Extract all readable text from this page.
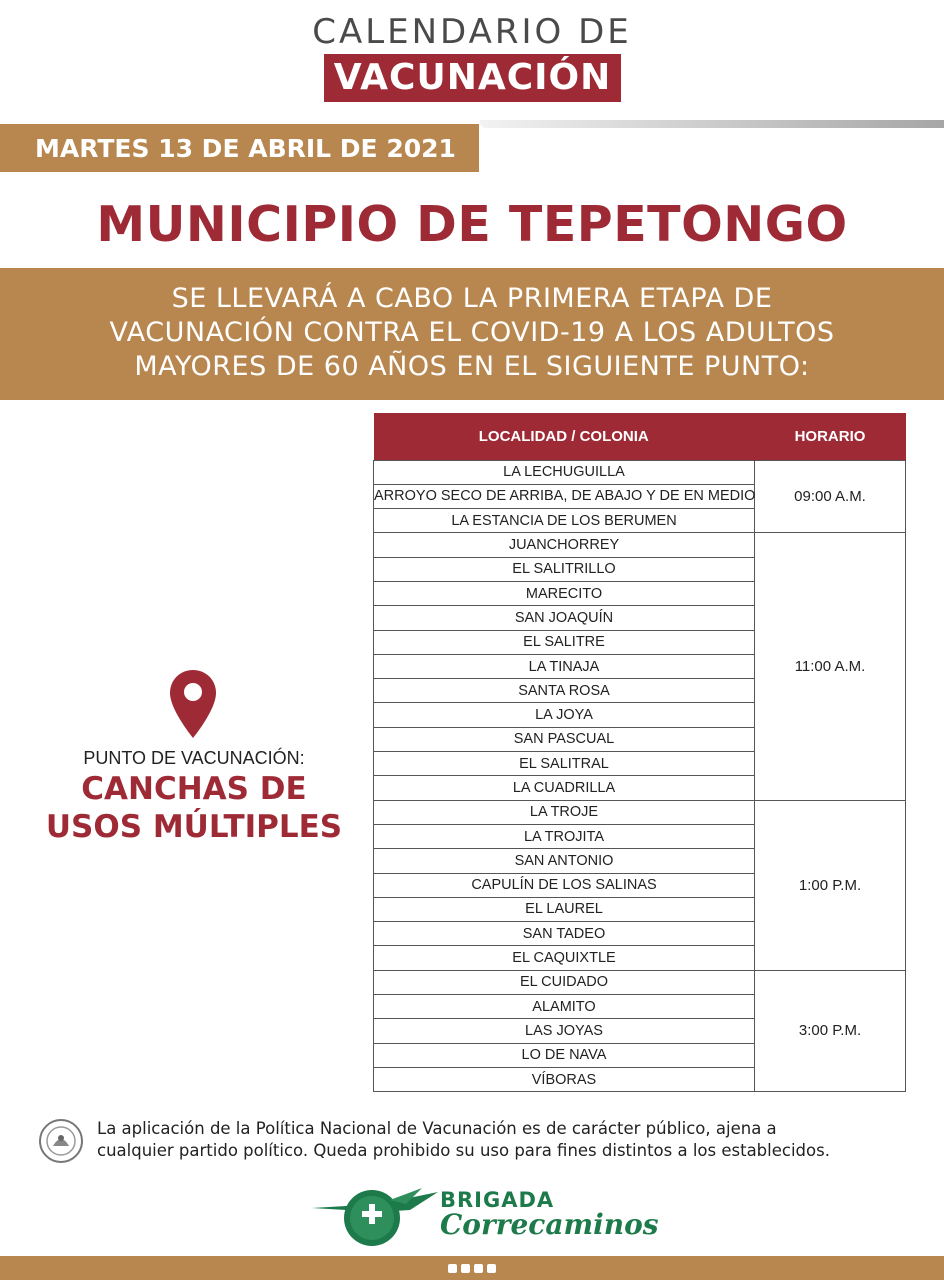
CALENDARIO DE
VACUNACIÓN
MARTES 13 DE ABRIL DE 2021
MUNICIPIO DE TEPETONGO
SE LLEVARÁ A CABO LA PRIMERA ETAPA DE
VACUNACIÓN CONTRA EL COVID-19 A LOS ADULTOS
MAYORES DE 60 AÑOS EN EL SIGUIENTE PUNTO:
PUNTO DE VACUNACIÓN:
CANCHAS DE
USOS MÚLTIPLES
LOCALIDAD / COLONIA	HORARIO
LA LECHUGUILLA	09:00 A.M.
ARROYO SECO DE ARRIBA, DE ABAJO Y DE EN MEDIO	
LA ESTANCIA DE LOS BERUMEN	
JUANCHORREY	11:00 A.M.
EL SALITRILLO	
MARECITO	
SAN JOAQUÍN	
EL SALITRE	
LA TINAJA	
SANTA ROSA	
LA JOYA	
SAN PASCUAL	
EL SALITRAL	
LA CUADRILLA	
LA TROJE	1:00 P.M.
LA TROJITA	
SAN ANTONIO	
CAPULÍN DE LOS SALINAS	
EL LAUREL	
SAN TADEO	
EL CAQUIXTLE	
EL CUIDADO	3:00 P.M.
ALAMITO	
LAS JOYAS	
LO DE NAVA	
VÍBORAS	
La aplicación de la Política Nacional de Vacunación es de carácter público, ajena a
cualquier partido político. Queda prohibido su uso para fines distintos a los establecidos.
BRIGADA
Correcaminos
